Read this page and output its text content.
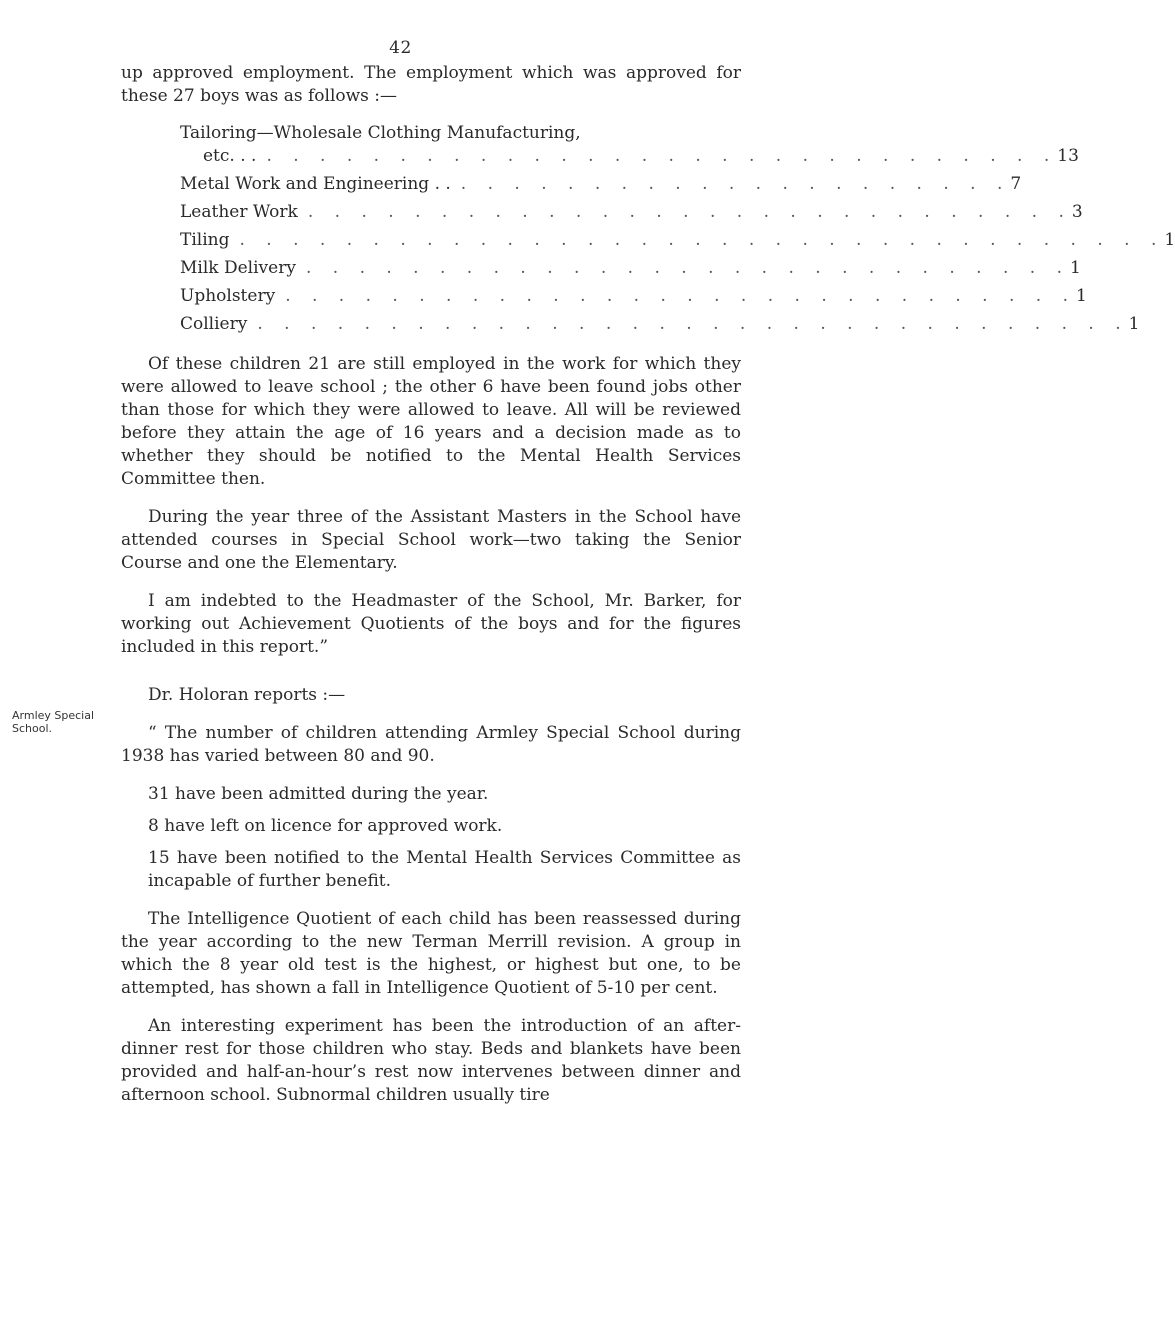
42
Armley Special School.

up approved employment. The employment which was approved for these 27 boys was as follows :—

Tailoring—Wholesale Clothing Manufacturing,
etc. . . . . . . . . . . . . . . . . . . . . . . . . . . . . . . . . 13
Metal Work and Engineering . . . . . . . . . . . . . . . . . . . . . . . 7
Leather Work . . . . . . . . . . . . . . . . . . . . . . . . . . . . . 3
Tiling . . . . . . . . . . . . . . . . . . . . . . . . . . . . . . . . . . . 1
Milk Delivery . . . . . . . . . . . . . . . . . . . . . . . . . . . . . 1
Upholstery . . . . . . . . . . . . . . . . . . . . . . . . . . . . . . 1
Colliery . . . . . . . . . . . . . . . . . . . . . . . . . . . . . . . . . 1

Of these children 21 are still employed in the work for which they were allowed to leave school ; the other 6 have been found jobs other than those for which they were allowed to leave. All will be reviewed before they attain the age of 16 years and a decision made as to whether they should be notified to the Mental Health Services Committee then.

During the year three of the Assistant Masters in the School have attended courses in Special School work—two taking the Senior Course and one the Elementary.

I am indebted to the Headmaster of the School, Mr. Barker, for working out Achievement Quotients of the boys and for the figures included in this report.”

Dr. Holoran reports :—

“ The number of children attending Armley Special School during 1938 has varied between 80 and 90.

31 have been admitted during the year.

8 have left on licence for approved work.

15 have been notified to the Mental Health Services Committee as incapable of further benefit.

The Intelligence Quotient of each child has been reassessed during the year according to the new Terman Merrill revision. A group in which the 8 year old test is the highest, or highest but one, to be attempted, has shown a fall in Intelligence Quotient of 5-10 per cent.

An interesting experiment has been the introduction of an after-dinner rest for those children who stay. Beds and blankets have been provided and half-an-hour’s rest now intervenes between dinner and afternoon school. Subnormal children usually tire
